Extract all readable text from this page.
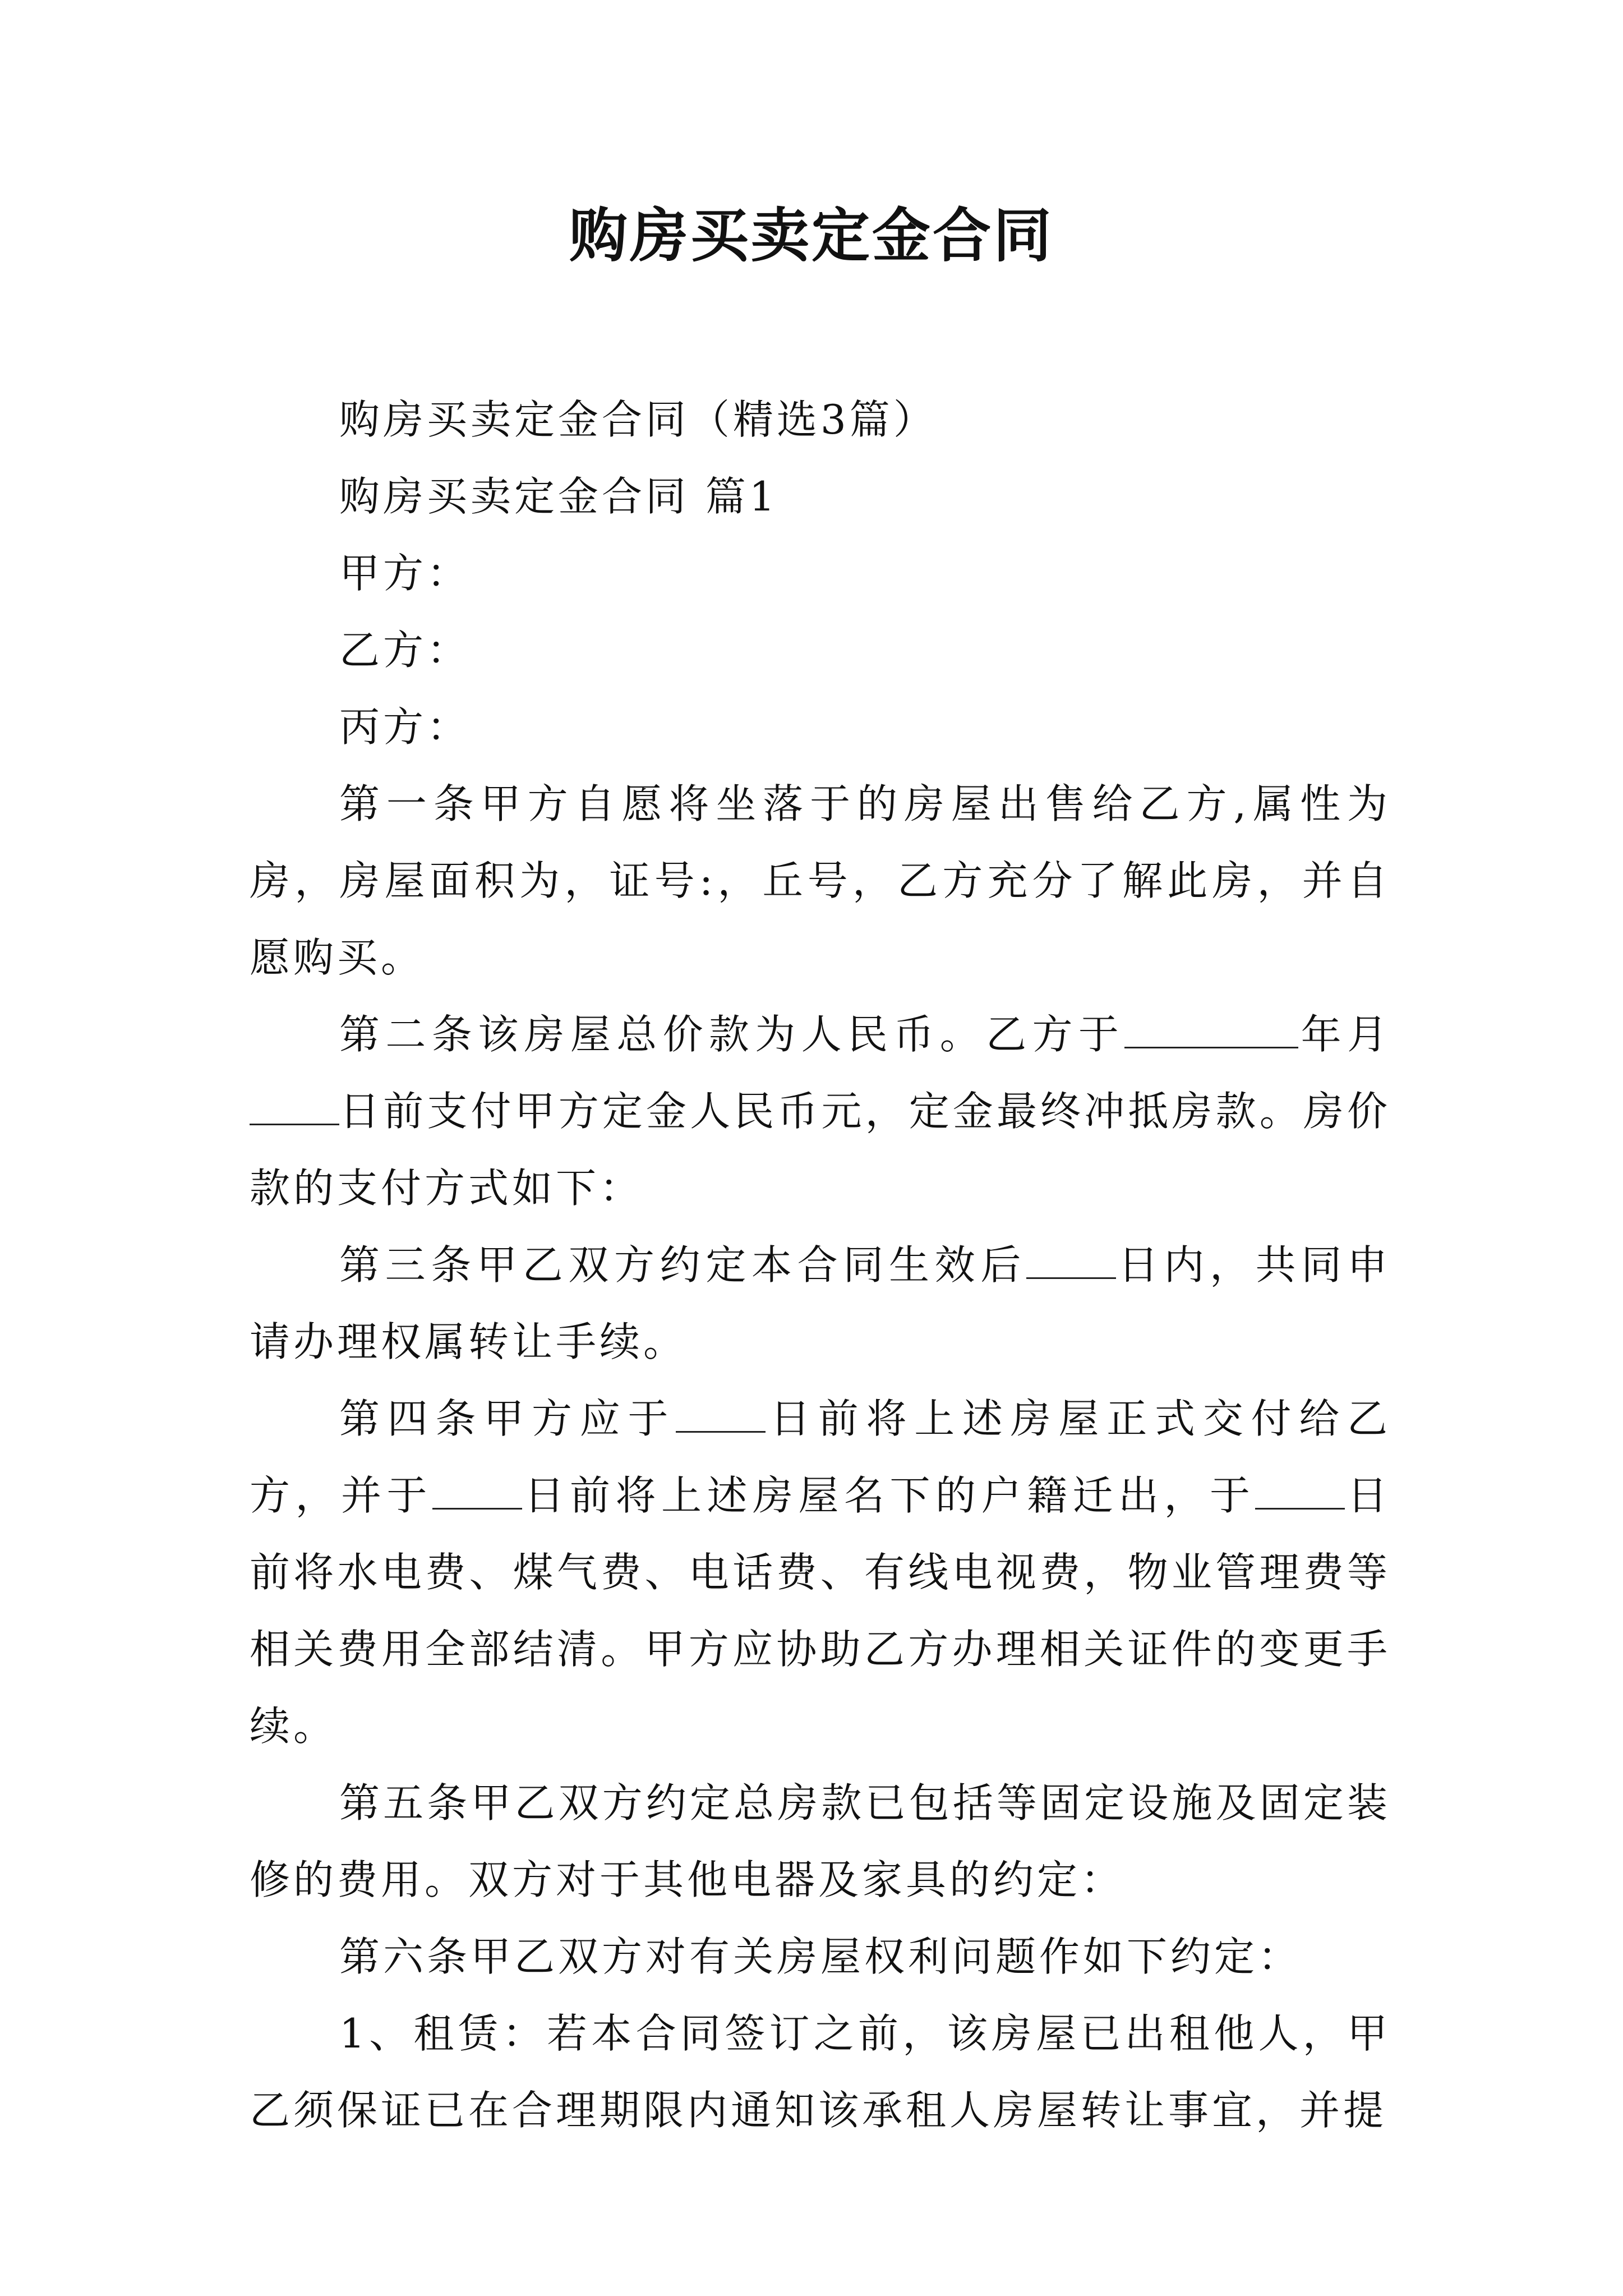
购房买卖定金合同

购房买卖定金合同（精选3篇）

购房买卖定金合同 篇1

甲方：

乙方：

丙方：

第一条甲方自愿将坐落于的房屋出售给乙方,属性为房，房屋面积为，证号:，丘号，乙方充分了解此房，并自愿购买。

第二条该房屋总价款为人民币。乙方于	年月日前支付甲方定金人民币元，定金最终冲抵房款。房价款的支付方式如下：

第三条甲乙双方约定本合同生效后 日内，共同申请办理权属转让手续。

第四条甲方应于 日前将上述房屋正式交付给乙方，并于 日前将上述房屋名下的户籍迁出，于 日前将水电费、煤气费、电话费、有线电视费，物业管理费等相关费用全部结清。甲方应协助乙方办理相关证件的变更手续。

第五条甲乙双方约定总房款已包括等固定设施及固定装修的费用。双方对于其他电器及家具的约定：

第六条甲乙双方对有关房屋权利问题作如下约定：

1、租赁：若本合同签订之前，该房屋已出租他人，甲乙须保证已在合理期限内通知该承租人房屋转让事宜，并提
